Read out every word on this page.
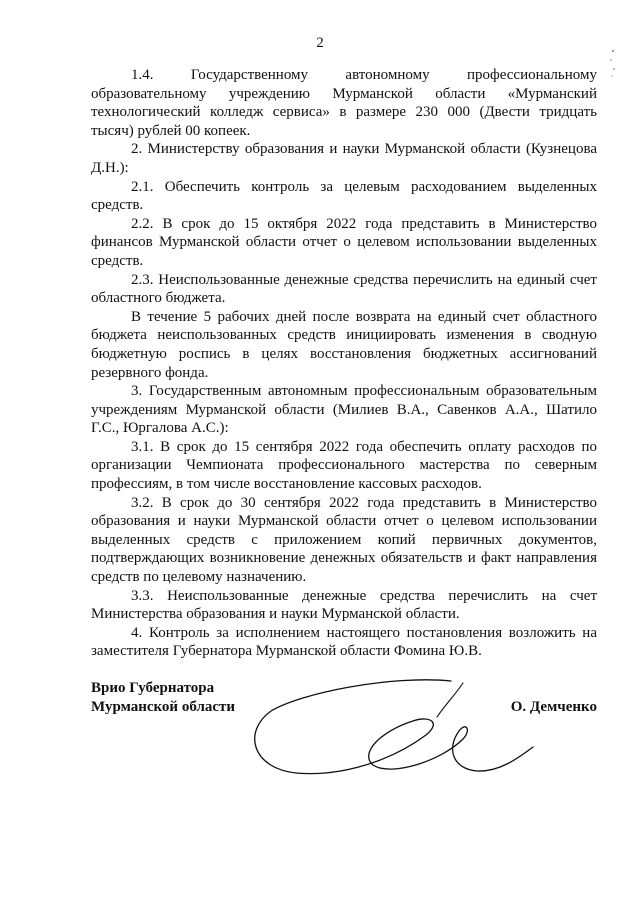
2

1.4. Государственному автономному профессиональному образовательному учреждению Мурманской области «Мурманский технологический колледж сервиса» в размере 230 000 (Двести тридцать тысяч) рублей 00 копеек.

2. Министерству образования и науки Мурманской области (Кузнецова Д.Н.):

2.1. Обеспечить контроль за целевым расходованием выделенных средств.

2.2. В срок до 15 октября 2022 года представить в Министерство финансов Мурманской области отчет о целевом использовании выделенных средств.

2.3. Неиспользованные денежные средства перечислить на единый счет областного бюджета.

В течение 5 рабочих дней после возврата на единый счет областного бюджета неиспользованных средств инициировать изменения в сводную бюджетную роспись в целях восстановления бюджетных ассигнований резервного фонда.

3. Государственным автономным профессиональным образовательным учреждениям Мурманской области (Милиев В.А., Савенков А.А., Шатило Г.С., Юргалова А.С.):

3.1. В срок до 15 сентября 2022 года обеспечить оплату расходов по организации Чемпионата профессионального мастерства по северным профессиям, в том числе восстановление кассовых расходов.

3.2. В срок до 30 сентября 2022 года представить в Министерство образования и науки Мурманской области отчет о целевом использовании выделенных средств с приложением копий первичных документов, подтверждающих возникновение денежных обязательств и факт направления средств по целевому назначению.

3.3. Неиспользованные денежные средства перечислить на счет Министерства образования и науки Мурманской области.

4. Контроль за исполнением настоящего постановления возложить на заместителя Губернатора Мурманской области Фомина Ю.В.

Врио Губернатора
Мурманской области	О. Демченко
